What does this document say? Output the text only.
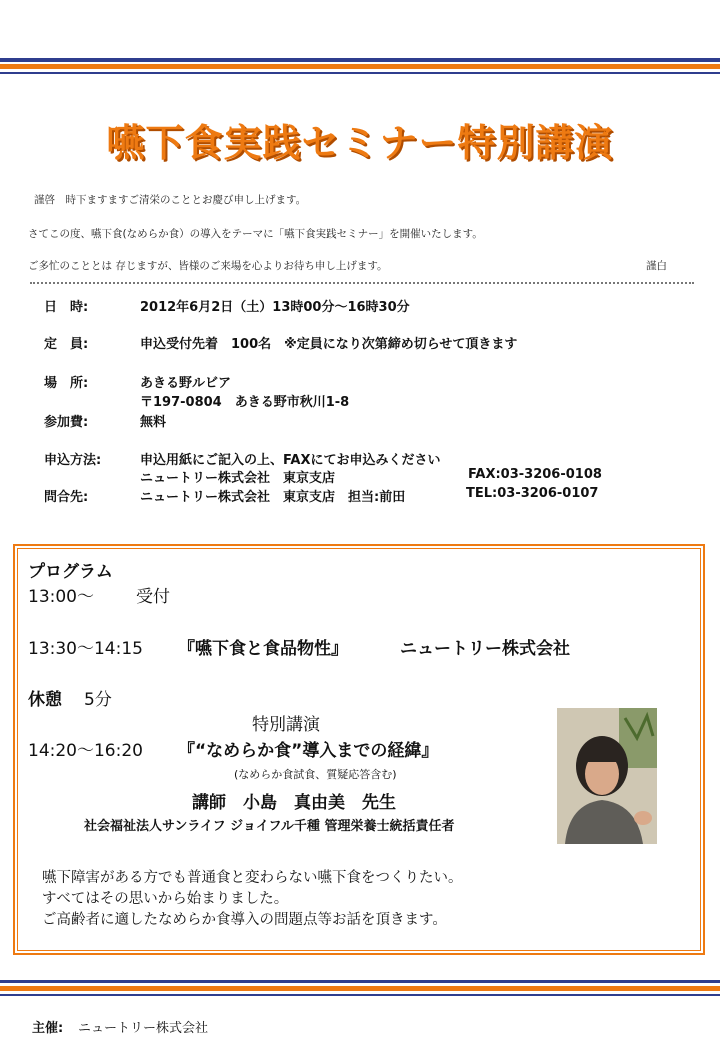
嚥下食実践セミナー特別講演
謹啓　時下ますますご清栄のこととお慶び申し上げます。
さてこの度、嚥下食(なめらか食）の導入をテーマに「嚥下食実践セミナー」を開催いたします。
ご多忙のこととは 存じますが、皆様のご来場を心よりお待ち申し上げます。	謹白
日　時:	2012年6月2日（土）13時00分～16時30分
定　員:	申込受付先着　100名　※定員になり次第締め切らせて頂きます
場　所:	あきる野ルビア
〒197-0804　あきる野市秋川1-8
参加費:	無料
申込方法:	申込用紙にご記入の上、FAXにてお申込みください
ニュートリー株式会社　東京支店	FAX:03-3206-0108
問合先:	ニュートリー株式会社　東京支店　担当:前田	TEL:03-3206-0107
プログラム
13:00～ 受付
13:30～14:15 『嚥下食と食品物性』	ニュートリー株式会社
休憩 5分
特別講演
14:20～16:20 『“なめらか食”導入までの経緯』
(なめらか食試食、質疑応答含む)
講師　小島　真由美　先生
社会福祉法人サンライフ ジョイフル千種 管理栄養士統括責任者
嚥下障害がある方でも普通食と変わらない嚥下食をつくりたい。
すべてはその思いから始まりました。
ご高齢者に適したなめらか食導入の問題点等お話を頂きます。
主催: ニュートリー株式会社
